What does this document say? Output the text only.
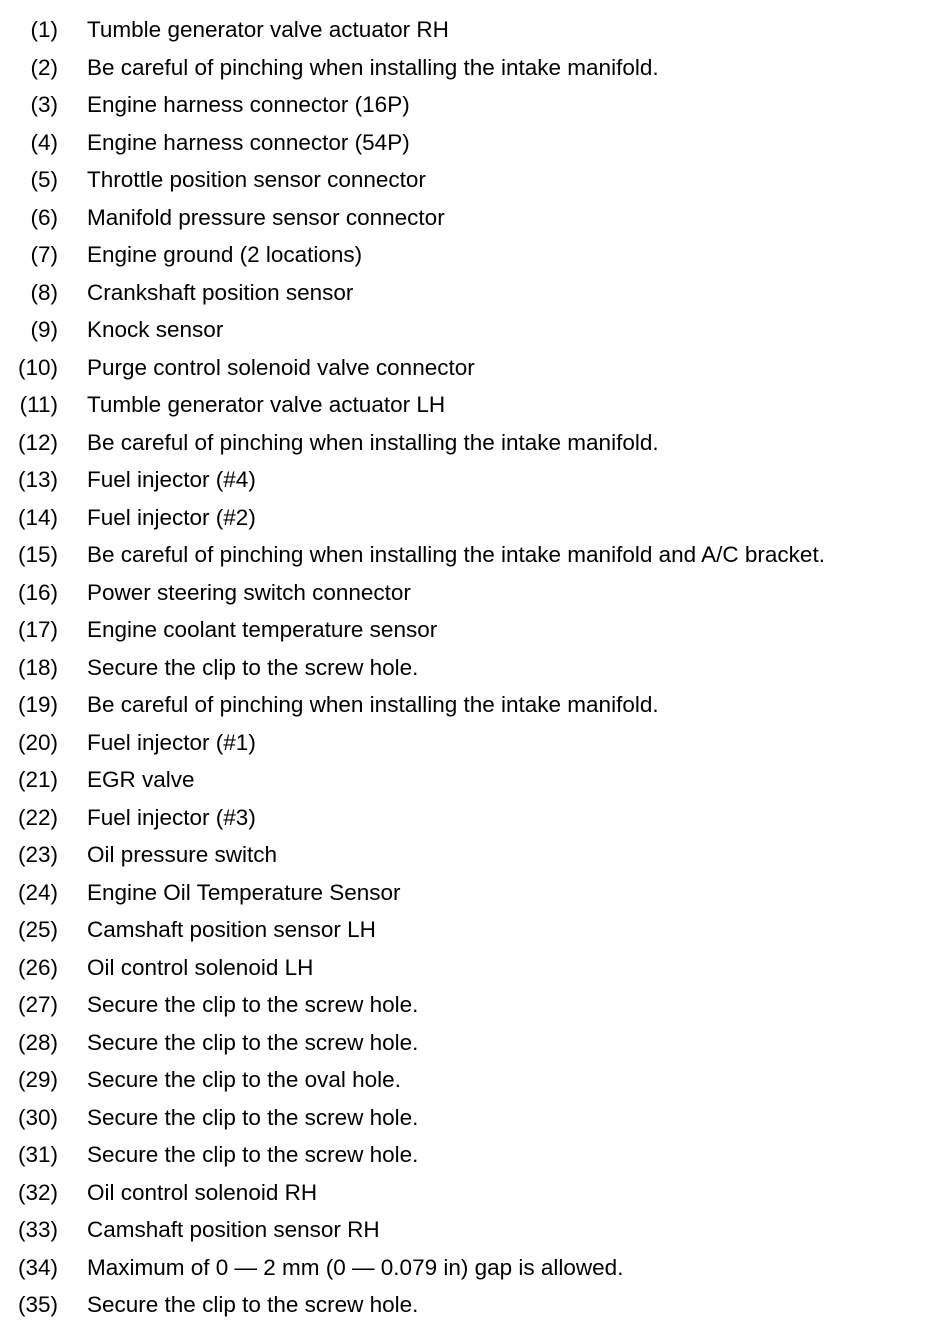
(1) Tumble generator valve actuator RH
(2) Be careful of pinching when installing the intake manifold.
(3) Engine harness connector (16P)
(4) Engine harness connector (54P)
(5) Throttle position sensor connector
(6) Manifold pressure sensor connector
(7) Engine ground (2 locations)
(8) Crankshaft position sensor
(9) Knock sensor
(10) Purge control solenoid valve connector
(11) Tumble generator valve actuator LH
(12) Be careful of pinching when installing the intake manifold.
(13) Fuel injector (#4)
(14) Fuel injector (#2)
(15) Be careful of pinching when installing the intake manifold and A/C bracket.
(16) Power steering switch connector
(17) Engine coolant temperature sensor
(18) Secure the clip to the screw hole.
(19) Be careful of pinching when installing the intake manifold.
(20) Fuel injector (#1)
(21) EGR valve
(22) Fuel injector (#3)
(23) Oil pressure switch
(24) Engine Oil Temperature Sensor
(25) Camshaft position sensor LH
(26) Oil control solenoid LH
(27) Secure the clip to the screw hole.
(28) Secure the clip to the screw hole.
(29) Secure the clip to the oval hole.
(30) Secure the clip to the screw hole.
(31) Secure the clip to the screw hole.
(32) Oil control solenoid RH
(33) Camshaft position sensor RH
(34) Maximum of 0 — 2 mm (0 — 0.079 in) gap is allowed.
(35) Secure the clip to the screw hole.
